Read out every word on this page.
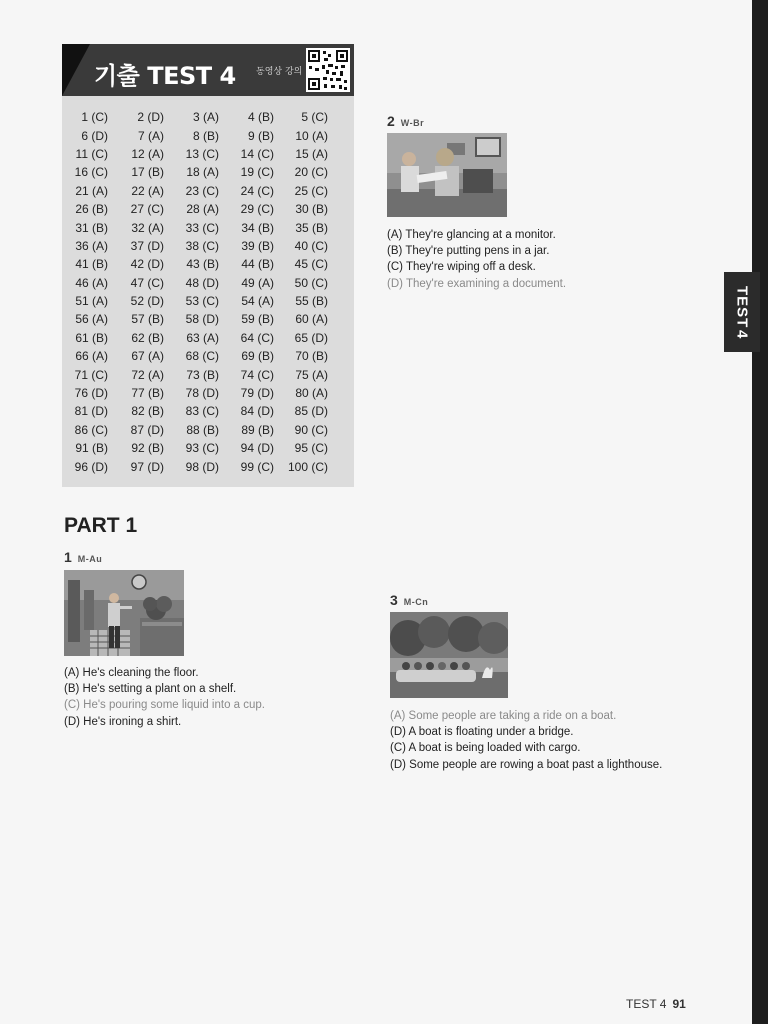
TEST
4
기출 TEST 4 동영상 강의
1 (C)	2 (D)	3 (A)	4 (B)	5 (C)
6 (D)	7 (A)	8 (B)	9 (B)	10 (A)
11 (C)	12 (A)	13 (C)	14 (C)	15 (A)
16 (C)	17 (B)	18 (A)	19 (C)	20 (C)
21 (A)	22 (A)	23 (C)	24 (C)	25 (C)
26 (B)	27 (C)	28 (A)	29 (C)	30 (B)
31 (B)	32 (A)	33 (C)	34 (B)	35 (B)
36 (A)	37 (D)	38 (C)	39 (B)	40 (C)
41 (B)	42 (D)	43 (B)	44 (B)	45 (C)
46 (A)	47 (C)	48 (D)	49 (A)	50 (C)
51 (A)	52 (D)	53 (C)	54 (A)	55 (B)
56 (A)	57 (B)	58 (D)	59 (B)	60 (A)
61 (B)	62 (B)	63 (A)	64 (C)	65 (D)
66 (A)	67 (A)	68 (C)	69 (B)	70 (B)
71 (C)	72 (A)	73 (B)	74 (C)	75 (A)
76 (D)	77 (B)	78 (D)	79 (D)	80 (A)
81 (D)	82 (B)	83 (C)	84 (D)	85 (D)
86 (C)	87 (D)	88 (B)	89 (B)	90 (C)
91 (B)	92 (B)	93 (C)	94 (D)	95 (C)
96 (D)	97 (D)	98 (D)	99 (C)	100 (C)
PART 1
1 M-Au
(A) He's cleaning the floor.
(B) He's setting a plant on a shelf.
(C) He's pouring some liquid into a cup.
(D) He's ironing a shirt.
2 W-Br
(A) They're glancing at a monitor.
(B) They're putting pens in a jar.
(C) They're wiping off a desk.
(D) They're examining a document.
3 M-Cn
(A) Some people are taking a ride on a boat.
(D) A boat is floating under a bridge.
(C) A boat is being loaded with cargo.
(D) Some people are rowing a boat past a lighthouse.
TEST 4 91
